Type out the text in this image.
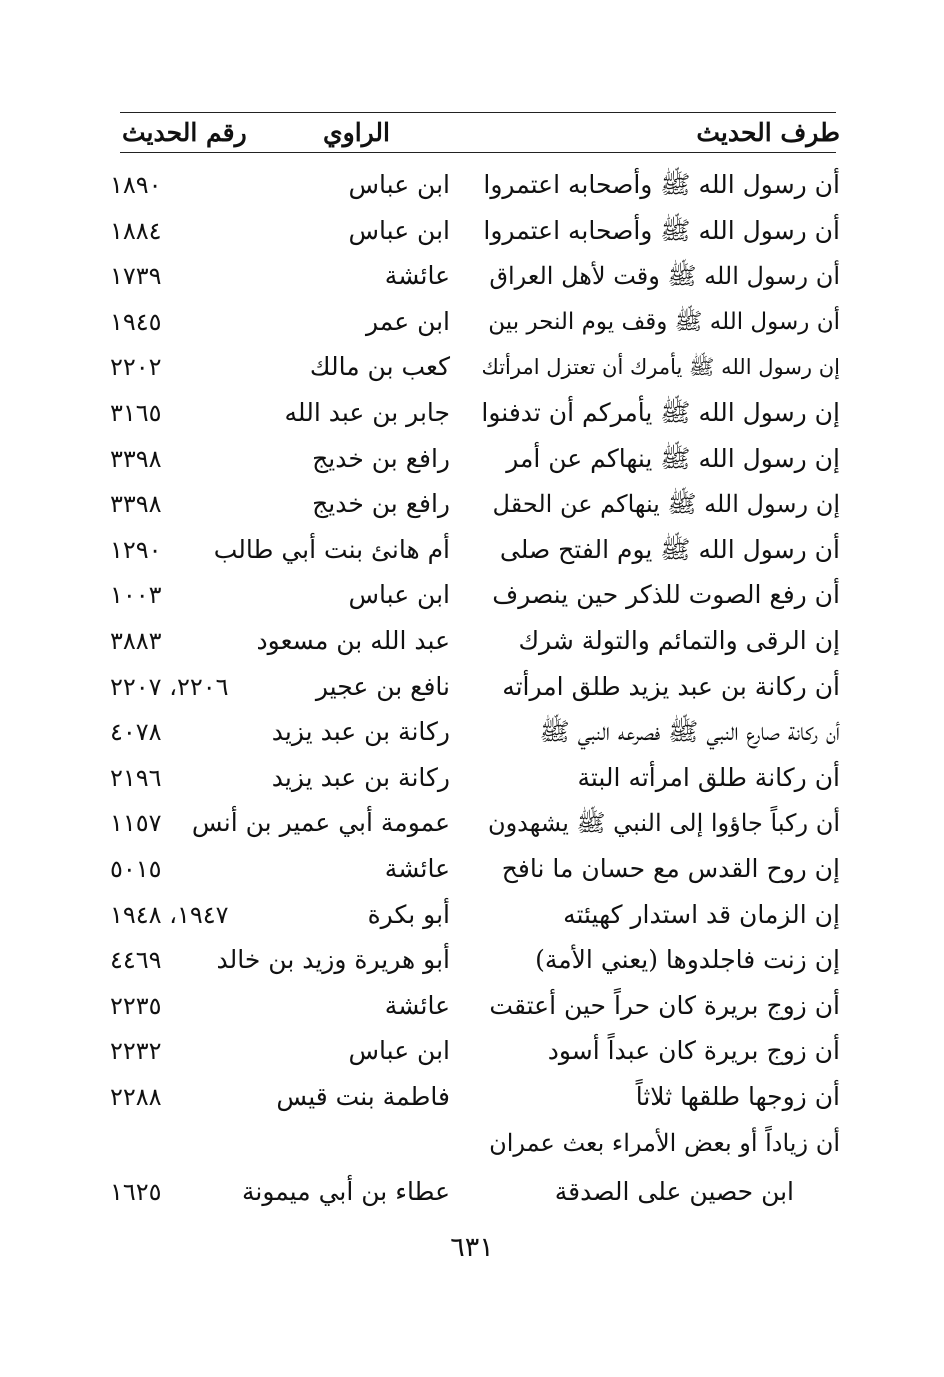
طرف الحديث
الراوي
رقم الحديث
أن رسول الله ﷺ وأصحابه اعتمروا
ابن عباس
١٨٩٠
أن رسول الله ﷺ وأصحابه اعتمروا
ابن عباس
١٨٨٤
أن رسول الله ﷺ وقت لأهل العراق
عائشة
١٧٣٩
أن رسول الله ﷺ وقف يوم النحر بين
ابن عمر
١٩٤٥
إن رسول الله ﷺ يأمرك أن تعتزل امرأتك
كعب بن مالك
٢٢٠٢
إن رسول الله ﷺ يأمركم أن تدفنوا
جابر بن عبد الله
٣١٦٥
إن رسول الله ﷺ ينهاكم عن أمر
رافع بن خديج
٣٣٩٨
إن رسول الله ﷺ ينهاكم عن الحقل
رافع بن خديج
٣٣٩٨
أن رسول الله ﷺ يوم الفتح صلى
أم هانئ بنت أبي طالب
١٢٩٠
أن رفع الصوت للذكر حين ينصرف
ابن عباس
١٠٠٣
إن الرقى والتمائم والتولة شرك
عبد الله بن مسعود
٣٨٨٣
أن ركانة بن عبد يزيد طلق امرأته
نافع بن عجير
٢٢٠٦، ٢٢٠٧
أن ركانة صارع النبي ﷺ فصرعه النبي ﷺ
ركانة بن عبد يزيد
٤٠٧٨
أن ركانة طلق امرأته البتة
ركانة بن عبد يزيد
٢١٩٦
أن ركباً جاؤوا إلى النبي ﷺ يشهدون
عمومة أبي عمير بن أنس
١١٥٧
إن روح القدس مع حسان ما نافح
عائشة
٥٠١٥
إن الزمان قد استدار كهيئته
أبو بكرة
١٩٤٧، ١٩٤٨
إن زنت فاجلدوها (يعني الأمة)
أبو هريرة وزيد بن خالد
٤٤٦٩
أن زوج بريرة كان حراً حين أعتقت
عائشة
٢٢٣٥
أن زوج بريرة كان عبداً أسود
ابن عباس
٢٢٣٢
أن زوجها طلقها ثلاثاً
فاطمة بنت قيس
٢٢٨٨
أن زياداً أو بعض الأمراء بعث عمران
ابن حصين على الصدقة
عطاء بن أبي ميمونة
١٦٢٥
٦٣١
